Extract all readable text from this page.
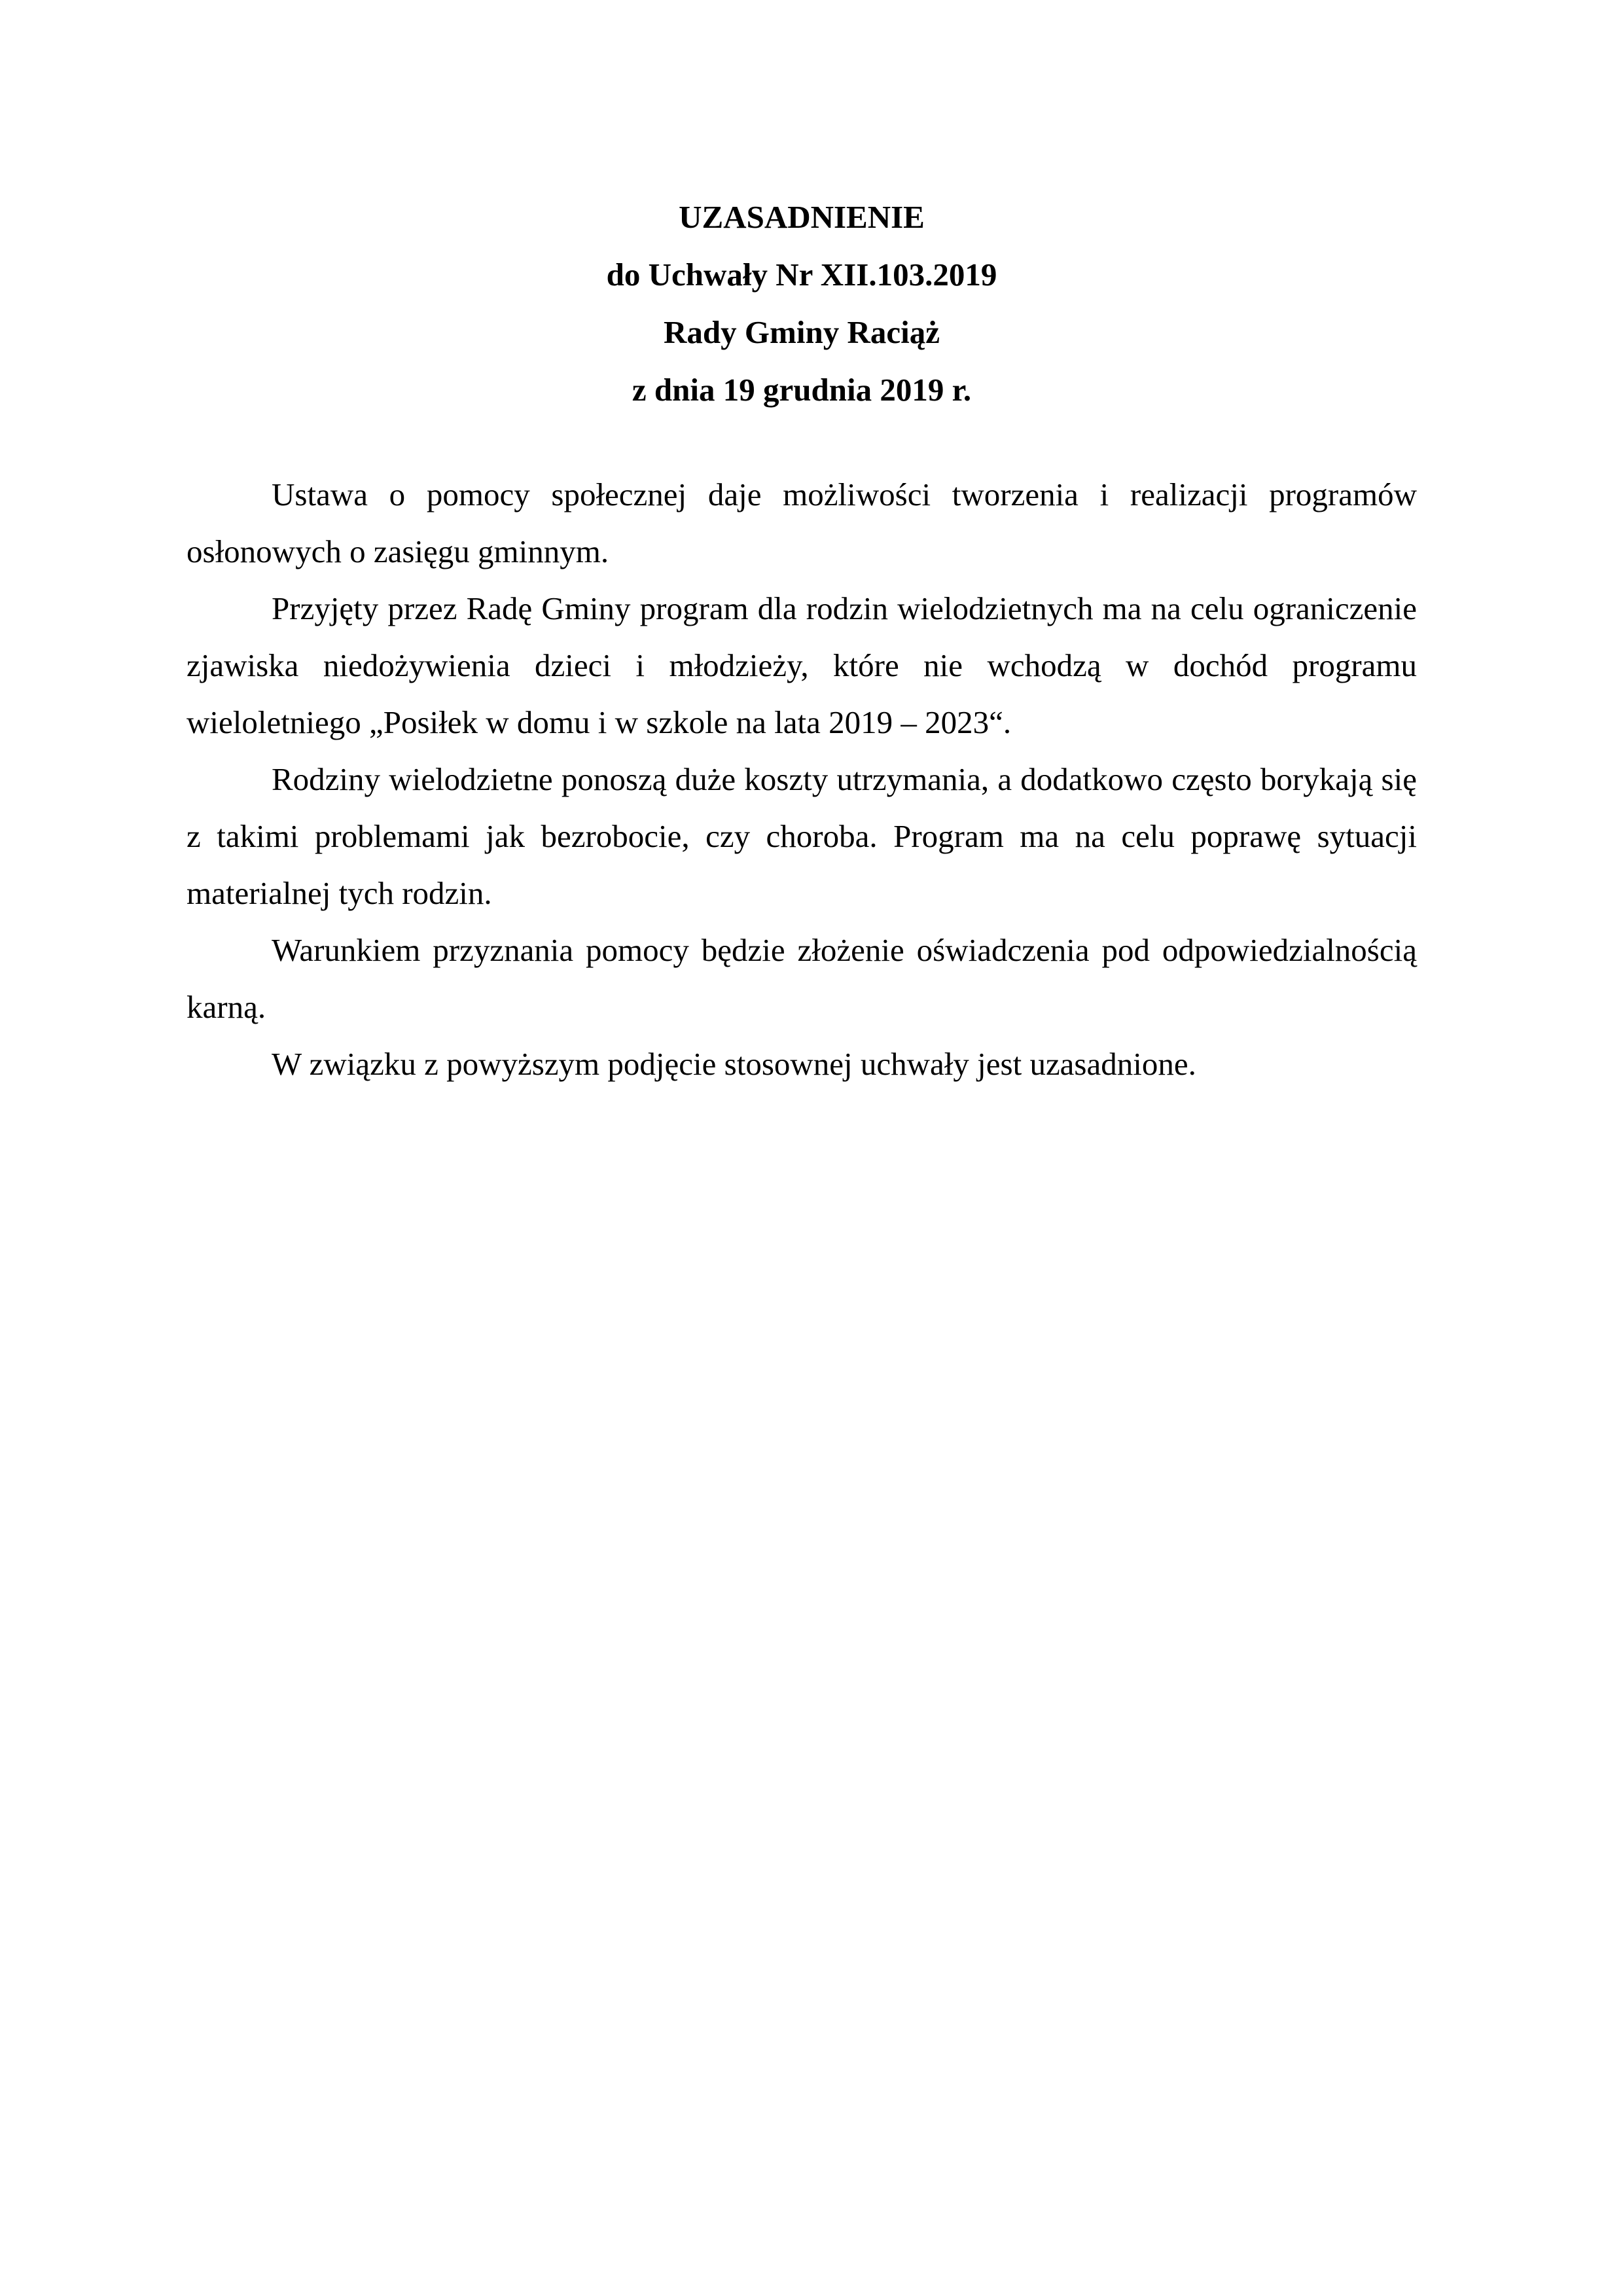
UZASADNIENIE
do Uchwały Nr XII.103.2019
Rady Gminy Raciąż
z dnia 19 grudnia 2019 r.

Ustawa o pomocy społecznej daje możliwości tworzenia i realizacji programów osłonowych o zasięgu gminnym.

Przyjęty przez Radę Gminy program dla rodzin wielodzietnych ma na celu ograniczenie zjawiska niedożywienia dzieci i młodzieży, które nie wchodzą w dochód programu wieloletniego „Posiłek w domu i w szkole na lata 2019 – 2023“.

Rodziny wielodzietne ponoszą duże koszty utrzymania, a dodatkowo często borykają się z takimi problemami jak bezrobocie, czy choroba. Program ma na celu poprawę sytuacji materialnej tych rodzin.

Warunkiem przyznania pomocy będzie złożenie oświadczenia pod odpowiedzialnością karną.

W związku z powyższym podjęcie stosownej uchwały jest uzasadnione.
